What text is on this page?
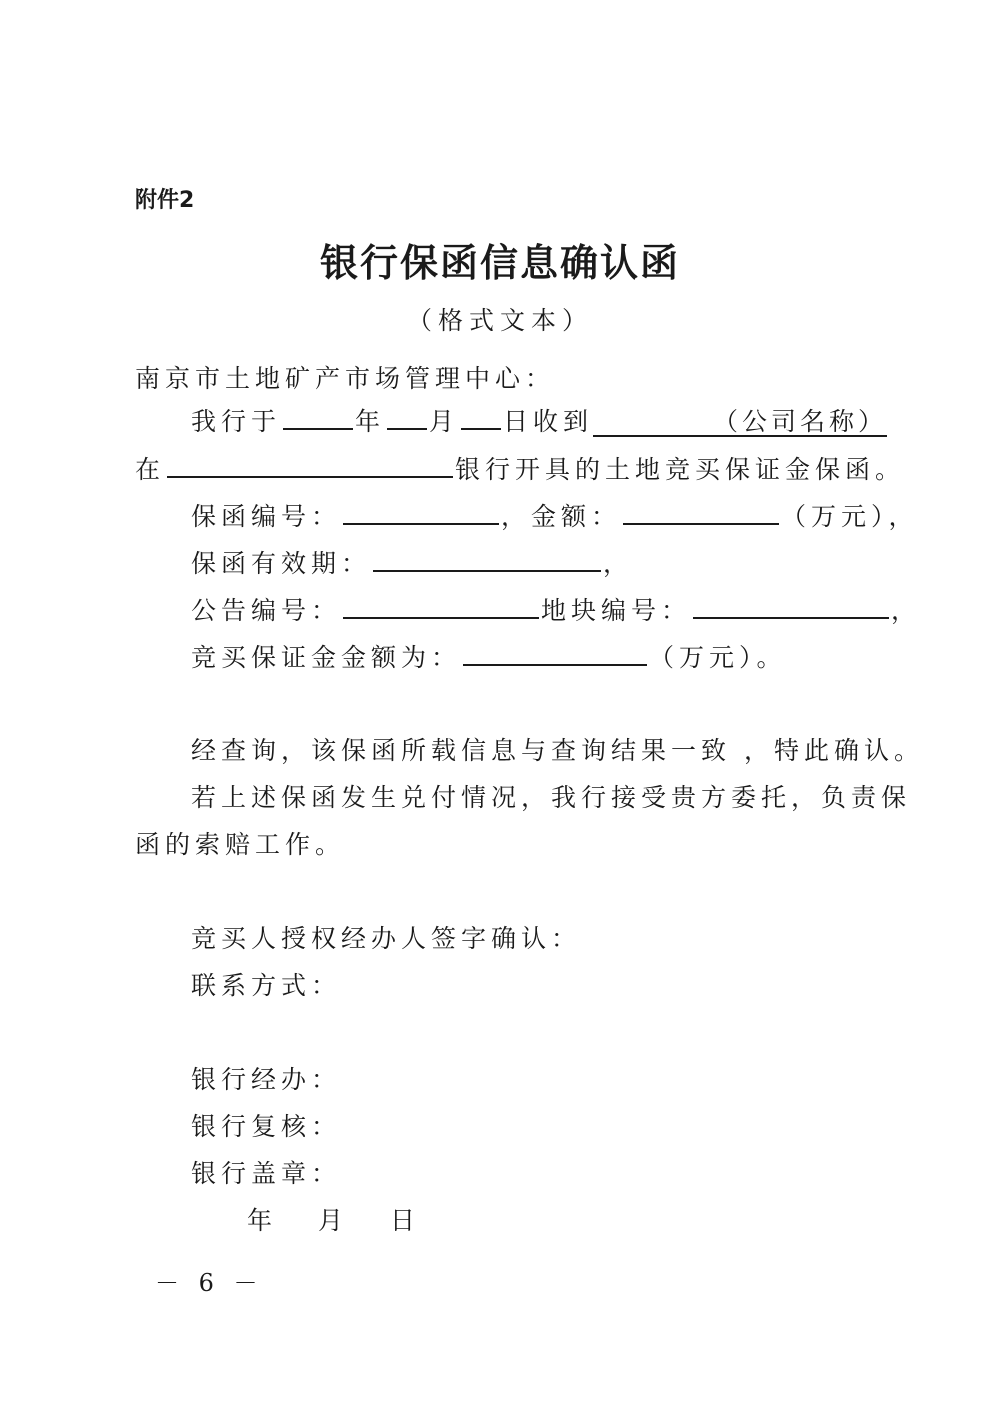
附件2
银行保函信息确认函
（格式文本）
南京市土地矿产市场管理中心：
我行于	年 月 日收到	（公司名称）
在	银行开具的土地竞买保证金保函。
保函编号：	，金额：	（万元），
保函有效期：	，
公告编号：	地块编号：	，
竞买保证金金额为：	（万元）。
经查询，该保函所载信息与查询结果一致 ，特此确认。
若上述保函发生兑付情况，我行接受贵方委托，负责保
函的索赔工作。
竞买人授权经办人签字确认：
联系方式：
银行经办：
银行复核：
银行盖章：
年 月 日
－ 6 －
